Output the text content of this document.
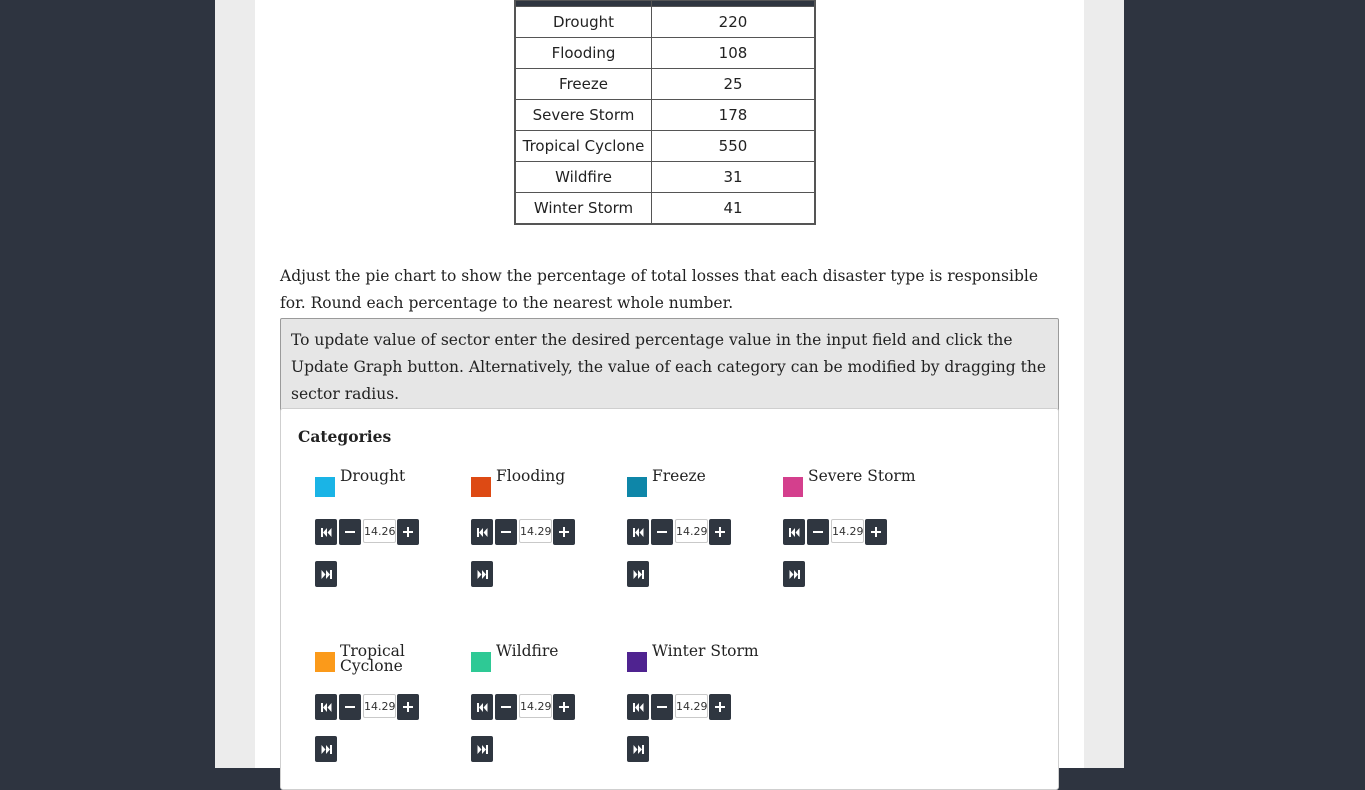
Drought	220
Flooding	108
Freeze	25
Severe Storm	178
Tropical Cyclone	550
Wildfire	31
Winter Storm	41
Adjust the pie chart to show the percentage of total losses that each disaster type is responsible for. Round each percentage to the nearest whole number.
To update value of sector enter the desired percentage value in the input field and click the Update Graph button. Alternatively, the value of each category can be modified by dragging the sector radius.
Categories
Drought
14.26	Flooding
14.29	Freeze
14.29	Severe Storm
14.29
Tropical Cyclone
14.29
Wildfire
14.29	Winter Storm
14.29
